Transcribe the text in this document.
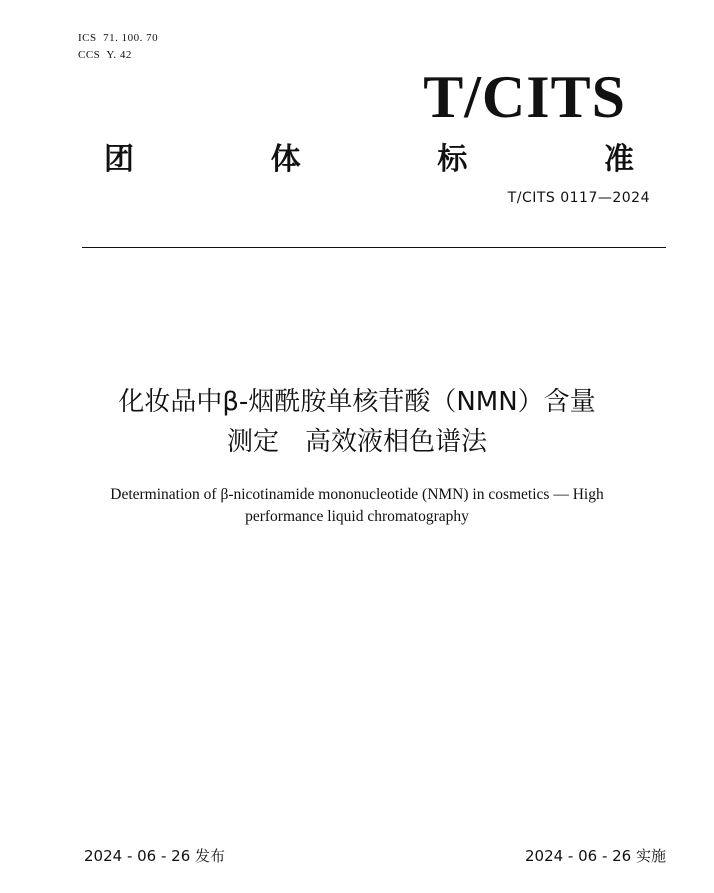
ICS  71. 100. 70
CCS  Y. 42
T/CITS
团	体	标	准
T/CITS 0117—2024
化妆品中β-烟酰胺单核苷酸（NMN）含量
测定　高效液相色谱法
Determination of β-nicotinamide mononucleotide (NMN) in cosmetics — High
performance liquid chromatography
2024 - 06 - 26 发布	2024 - 06 - 26 实施
